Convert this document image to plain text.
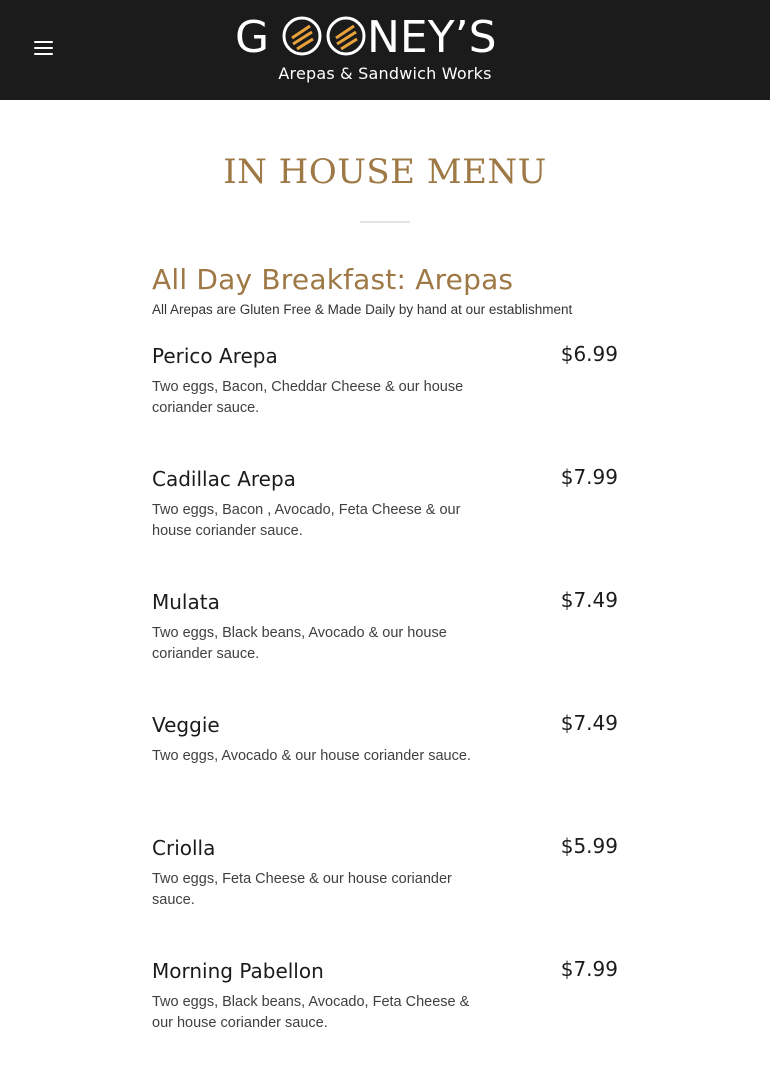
G NEY’S
Arepas & Sandwich Works
IN HOUSE MENU
All Day Breakfast: Arepas
All Arepas are Gluten Free & Made Daily by hand at our establishment
Perico Arepa	$6.99
Two eggs, Bacon, Cheddar Cheese & our house coriander sauce.
Cadillac Arepa	$7.99
Two eggs, Bacon , Avocado, Feta Cheese & our house coriander sauce.
Mulata	$7.49
Two eggs, Black beans, Avocado & our house coriander sauce.
Veggie	$7.49
Two eggs, Avocado & our house coriander sauce.
Criolla	$5.99
Two eggs, Feta Cheese & our house coriander sauce.
Morning Pabellon	$7.99
Two eggs, Black beans, Avocado, Feta Cheese & our house coriander sauce.
